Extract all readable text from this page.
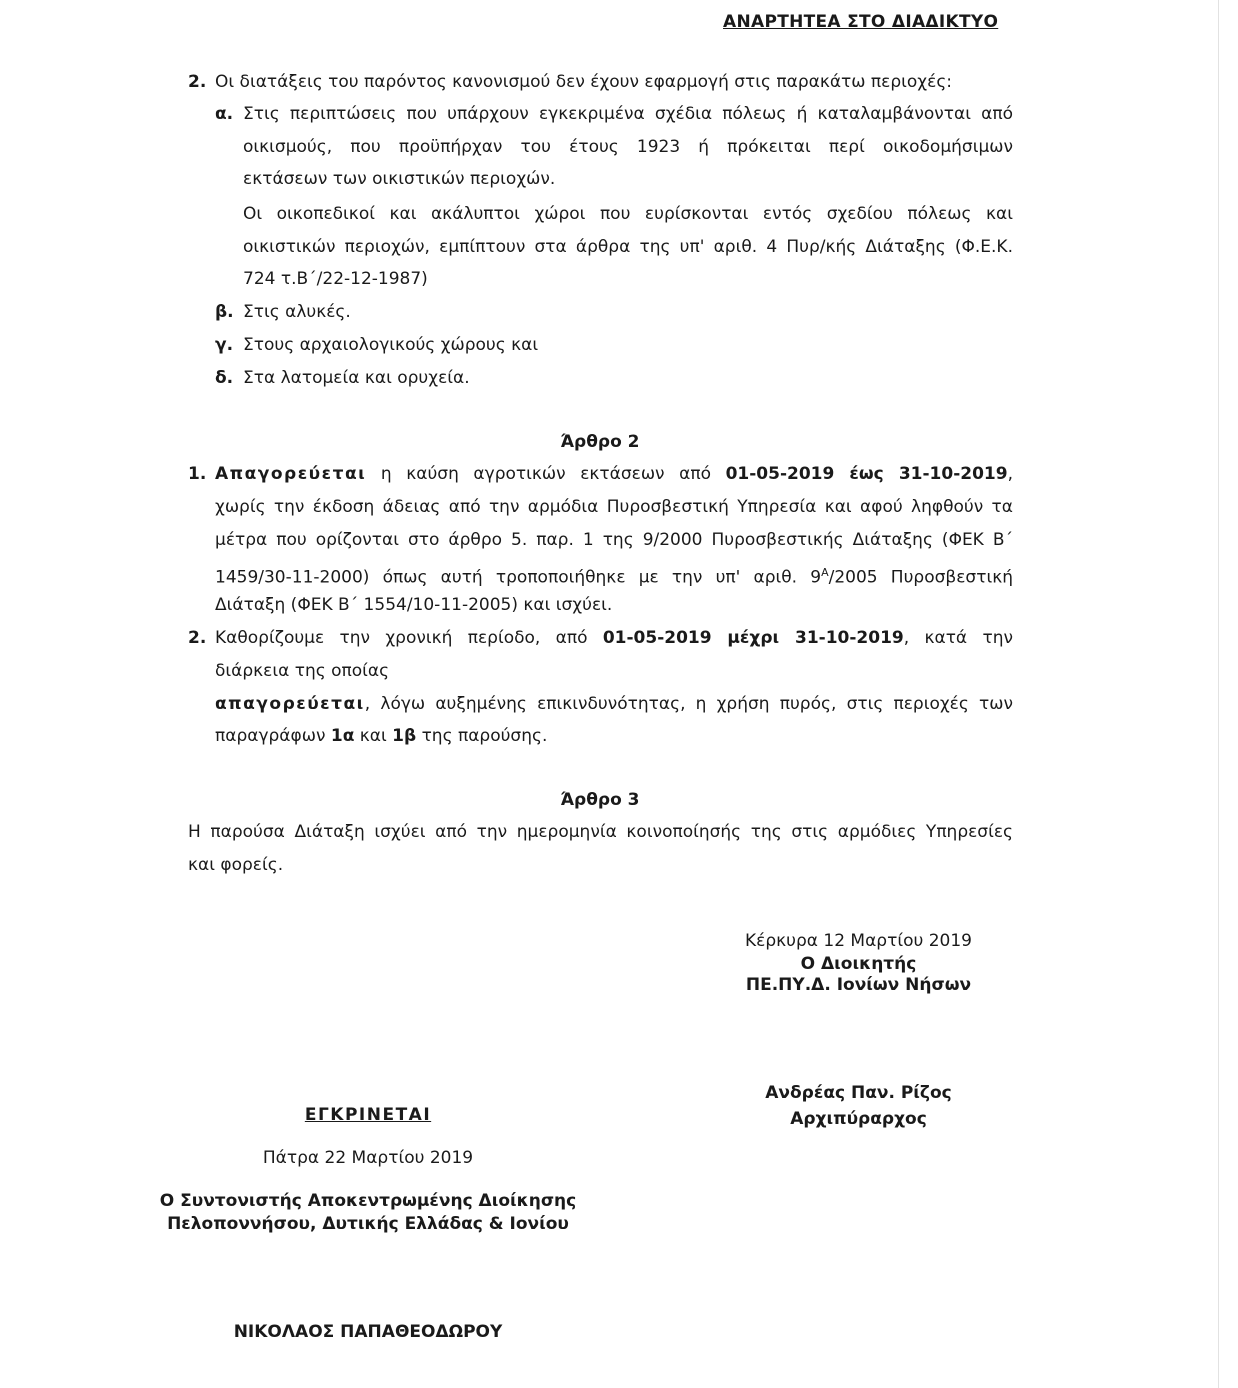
ΑΝΑΡΤΗΤΕΑ ΣΤΟ ΔΙΑΔΙΚΤΥΟ
2. Οι διατάξεις του παρόντος κανονισμού δεν έχουν εφαρμογή στις παρακάτω περιοχές:
α. Στις περιπτώσεις που υπάρχουν εγκεκριμένα σχέδια πόλεως ή καταλαμβάνονται από
οικισμούς, που προϋπήρχαν του έτους 1923 ή πρόκειται περί οικοδομήσιμων
εκτάσεων των οικιστικών περιοχών.
Οι οικοπεδικοί και ακάλυπτοι χώροι που ευρίσκονται εντός σχεδίου πόλεως και
οικιστικών περιοχών, εμπίπτουν στα άρθρα της υπ' αριθ. 4 Πυρ/κής Διάταξης (Φ.Ε.Κ.
724 τ.Β΄/22-12-1987)
β. Στις αλυκές.
γ. Στους αρχαιολογικούς χώρους και
δ. Στα λατομεία και ορυχεία.
Άρθρο 2
1. Απαγορεύεται η καύση αγροτικών εκτάσεων από 01-05-2019 έως 31-10-2019,
χωρίς την έκδοση άδειας από την αρμόδια Πυροσβεστική Υπηρεσία και αφού ληφθούν τα
μέτρα που ορίζονται στο άρθρο 5. παρ. 1 της 9/2000 Πυροσβεστικής Διάταξης (ΦΕΚ Β΄
1459/30-11-2000) όπως αυτή τροποποιήθηκε με την υπ' αριθ. $9^A/2005$ Πυροσβεστική
Διάταξη (ΦΕΚ Β΄ 1554/10-11-2005) και ισχύει.
2. Καθορίζουμε την χρονική περίοδο, από 01-05-2019 μέχρι 31-10-2019, κατά την
διάρκεια της οποίας
απαγορεύεται, λόγω αυξημένης επικινδυνότητας, η χρήση πυρός, στις περιοχές των
παραγράφων 1α και 1β της παρούσης.
Άρθρο 3
Η παρούσα Διάταξη ισχύει από την ημερομηνία κοινοποίησής της στις αρμόδιες Υπηρεσίες
και φορείς.
Κέρκυρα 12 Μαρτίου 2019
Ο Διοικητής
ΠΕ.ΠΥ.Δ. Ιονίων Νήσων
Ανδρέας Παν. Ρίζος
Αρχιπύραρχος
ΕΓΚΡΙΝΕΤΑΙ
Πάτρα 22 Μαρτίου 2019
Ο Συντονιστής Αποκεντρωμένης Διοίκησης
Πελοποννήσου, Δυτικής Ελλάδας & Ιονίου
ΝΙΚΟΛΑΟΣ ΠΑΠΑΘΕΟΔΩΡΟΥ
